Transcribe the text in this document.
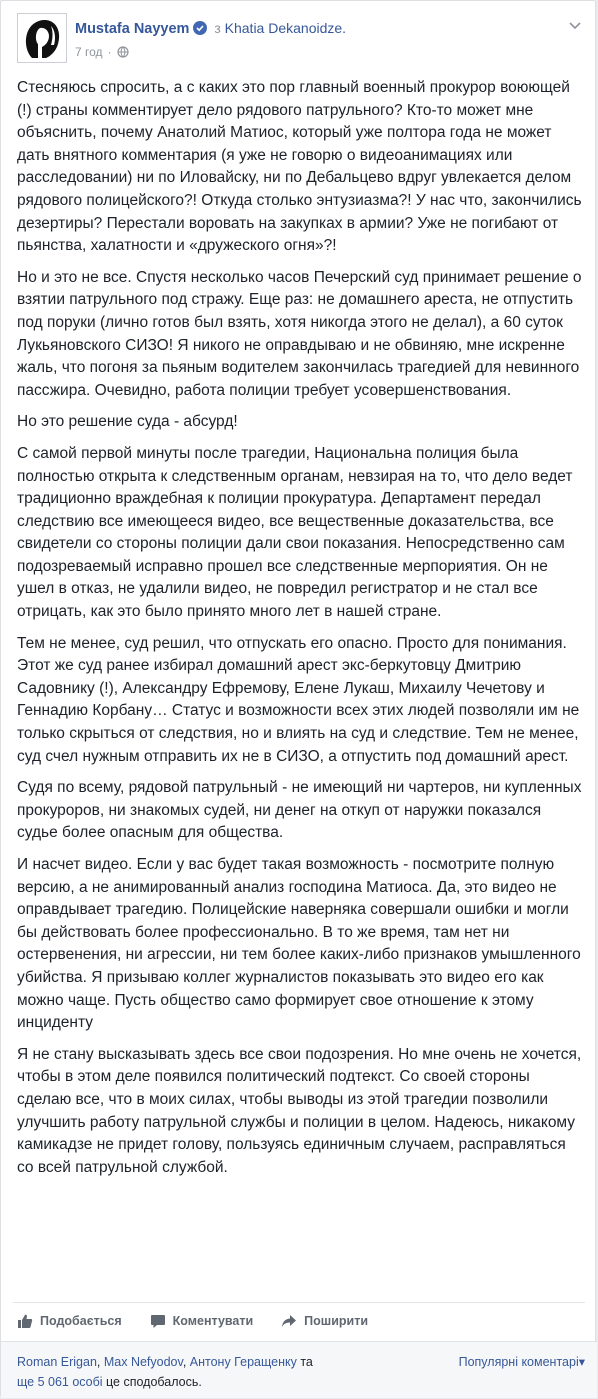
Mustafa Nayyem з Khatia Dekanoidze.
7 год ·

Стесняюсь спросить, а с каких это пор главный военный прокурор воюющей (!) страны комментирует дело рядового патрульного? Кто-то может мне объяснить, почему Анатолий Матиос, который уже полтора года не может дать внятного комментария (я уже не говорю о видеоанимациях или расследовании) ни по Иловайску, ни по Дебальцево вдруг увлекается делом рядового полицейского?! Откуда столько энтузиазма?! У нас что, закончились дезертиры? Перестали воровать на закупках в армии? Уже не погибают от пьянства, халатности и «дружеского огня»?!

Но и это не все. Спустя несколько часов Печерский суд принимает решение о взятии патрульного под стражу. Еще раз: не домашнего ареста, не отпустить под поруки (лично готов был взять, хотя никогда этого не делал), а 60 суток Лукьяновского СИЗО! Я никого не оправдываю и не обвиняю, мне искренне жаль, что погоня за пьяным водителем закончилась трагедией для невинного пассжира. Очевидно, работа полиции требует усовершенствования.

Но это решение суда - абсурд!

С самой первой минуты после трагедии, Национальна полиция была полностью открыта к следственным органам, невзирая на то, что дело ведет традиционно враждебная к полиции прокуратура. Департамент передал следствию все имеющееся видео, все вещественные доказательства, все свидетели со стороны полиции дали свои показания. Непосредственно сам подозреваемый исправно прошел все следственные мерпориятия. Он не ушел в отказ, не удалили видео, не повредил регистратор и не стал все отрицать, как это было принято много лет в нашей стране.

Тем не менее, суд решил, что отпускать его опасно. Просто для понимания. Этот же суд ранее избирал домашний арест экс-беркутовцу Дмитрию Садовнику (!), Александру Ефремову, Елене Лукаш, Михаилу Чечетову и Геннадию Корбану… Статус и возможности всех этих людей позволяли им не только скрыться от следствия, но и влиять на суд и следствие. Тем не менее, суд счел нужным отправить их не в СИЗО, а отпустить под домашний арест.

Судя по всему, рядовой патрульный - не имеющий ни чартеров, ни купленных прокуроров, ни знакомых судей, ни денег на откуп от наружки показался судье более опасным для общества.

И насчет видео. Если у вас будет такая возможность - посмотрите полную версию, а не анимированный анализ господина Матиоса. Да, это видео не оправдывает трагедию. Полицейские наверняка совершали ошибки и могли бы действовать более профессионально. В то же время, там нет ни остервенения, ни агрессии, ни тем более каких-либо признаков умышленного убийства. Я призываю коллег журналистов показывать это видео его как можно чаще. Пусть общество само формирует свое отношение к этому инциденту

Я не стану высказывать здесь все свои подозрения. Но мне очень не хочется, чтобы в этом деле появился политический подтекст. Со своей стороны сделаю все, что в моих силах, чтобы выводы из этой трагедии позволили улучшить работу патрульной службы и полиции в целом. Надеюсь, никакому камикадзе не придет голову, пользуясь единичным случаем, расправляться со всей патрульной службой.

Подобається	Коментувати	Поширити
Roman Erigan, Max Nefyodov, Антону Геращенку та
ще 5 061 особі це сподобалось.
Популярні коментарі▾
